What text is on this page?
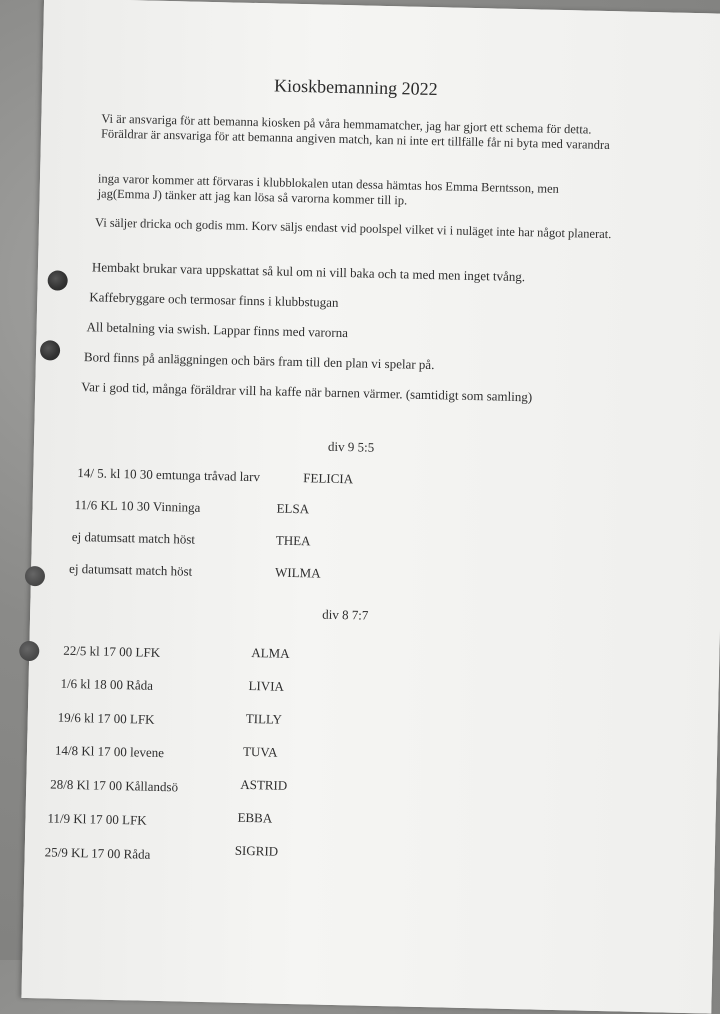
Kioskbemanning 2022
Vi är ansvariga för att bemanna kiosken på våra hemmamatcher, jag har gjort ett schema för detta. Föräldrar är ansvariga för att bemanna angiven match, kan ni inte ert tillfälle får ni byta med varandra
inga varor kommer att förvaras i klubblokalen utan dessa hämtas hos Emma Berntsson, men jag(Emma J) tänker att jag kan lösa så varorna kommer till ip.
Vi säljer dricka och godis mm. Korv säljs endast vid poolspel vilket vi i nuläget inte har något planerat.
Hembakt brukar vara uppskattat så kul om ni vill baka och ta med men inget tvång.
Kaffebryggare och termosar finns i klubbstugan
All betalning via swish. Lappar finns med varorna
Bord finns på anläggningen och bärs fram till den plan vi spelar på.
Var i god tid, många föräldrar vill ha kaffe när barnen värmer. (samtidigt som samling)
div 9 5:5
14/ 5. kl 10 30 emtunga tråvad larv	FELICIA
11/6 KL 10 30 Vinninga	ELSA
ej datumsatt match höst	THEA
ej datumsatt match höst	WILMA
div 8 7:7
22/5 kl 17 00 LFK	ALMA
1/6 kl 18 00 Råda	LIVIA
19/6 kl 17 00 LFK	TILLY
14/8 Kl 17 00 levene	TUVA
28/8 Kl 17 00 Kållandsö	ASTRID
11/9 Kl 17 00 LFK	EBBA
25/9 KL 17 00 Råda	SIGRID
